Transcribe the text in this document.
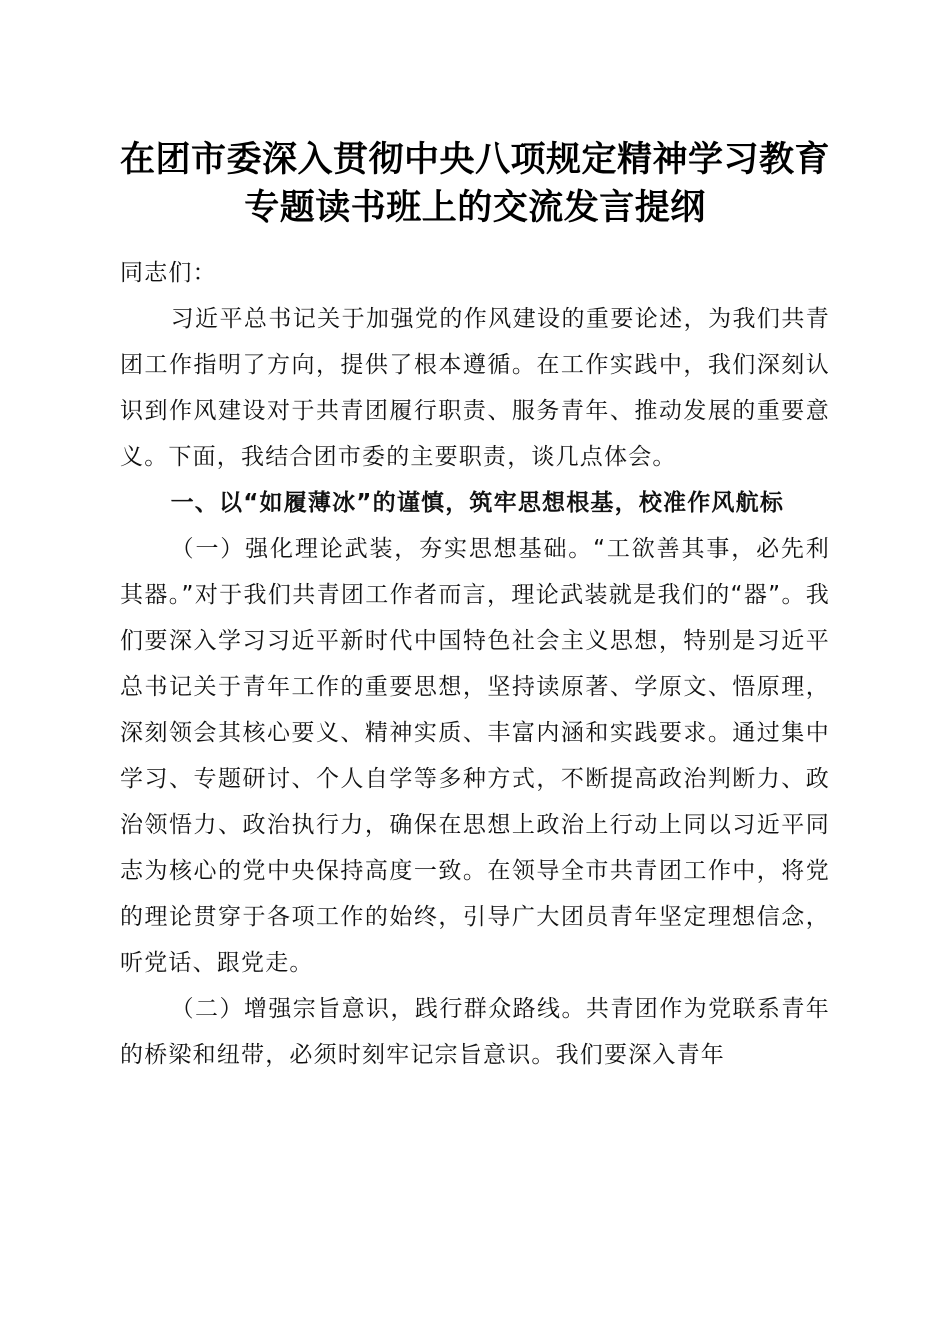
在团市委深入贯彻中央八项规定精神学习教育
专题读书班上的交流发言提纲

同志们：

习近平总书记关于加强党的作风建设的重要论述，为我们共青团工作指明了方向，提供了根本遵循。在工作实践中，我们深刻认识到作风建设对于共青团履行职责、服务青年、推动发展的重要意义。下面，我结合团市委的主要职责，谈几点体会。

一、以“如履薄冰”的谨慎，筑牢思想根基，校准作风航标

（一）强化理论武装，夯实思想基础。“工欲善其事，必先利其器。”对于我们共青团工作者而言，理论武装就是我们的“器”。我们要深入学习习近平新时代中国特色社会主义思想，特别是习近平总书记关于青年工作的重要思想，坚持读原著、学原文、悟原理，深刻领会其核心要义、精神实质、丰富内涵和实践要求。通过集中学习、专题研讨、个人自学等多种方式，不断提高政治判断力、政治领悟力、政治执行力，确保在思想上政治上行动上同以习近平同志为核心的党中央保持高度一致。在领导全市共青团工作中，将党的理论贯穿于各项工作的始终，引导广大团员青年坚定理想信念，听党话、跟党走。

（二）增强宗旨意识，践行群众路线。共青团作为党联系青年的桥梁和纽带，必须时刻牢记宗旨意识。我们要深入青年
